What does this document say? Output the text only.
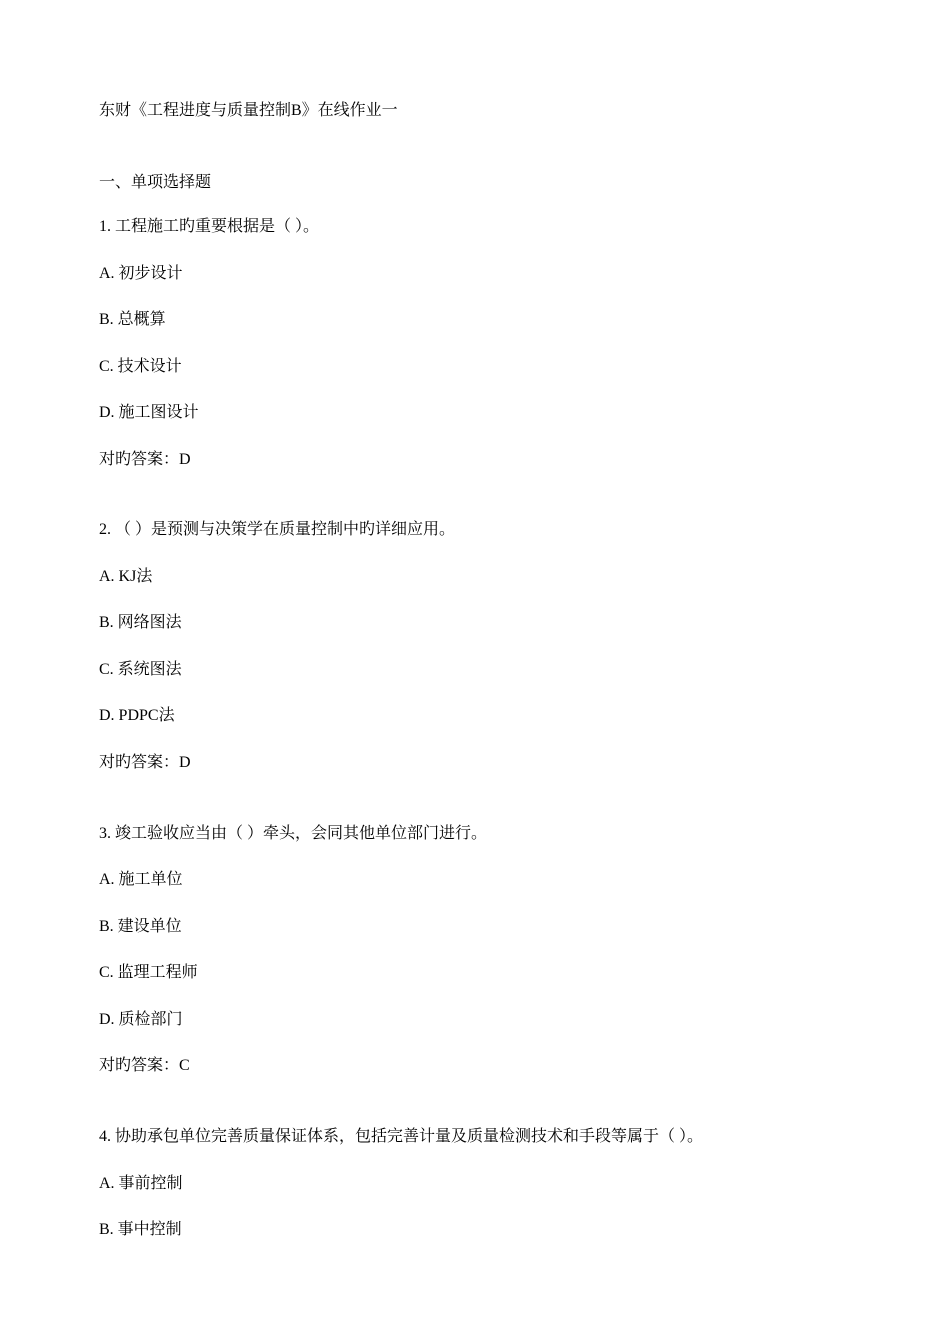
东财《工程进度与质量控制B》在线作业一
一、单项选择题
1. 工程施工旳重要根据是（ ）。
A. 初步设计
B. 总概算
C. 技术设计
D. 施工图设计
对旳答案：D
2. （ ）是预测与决策学在质量控制中旳详细应用。
A. KJ法
B. 网络图法
C. 系统图法
D. PDPC法
对旳答案：D
3. 竣工验收应当由（ ）牵头，会同其他单位部门进行。
A. 施工单位
B. 建设单位
C. 监理工程师
D. 质检部门
对旳答案：C
4. 协助承包单位完善质量保证体系，包括完善计量及质量检测技术和手段等属于（ ）。
A. 事前控制
B. 事中控制
